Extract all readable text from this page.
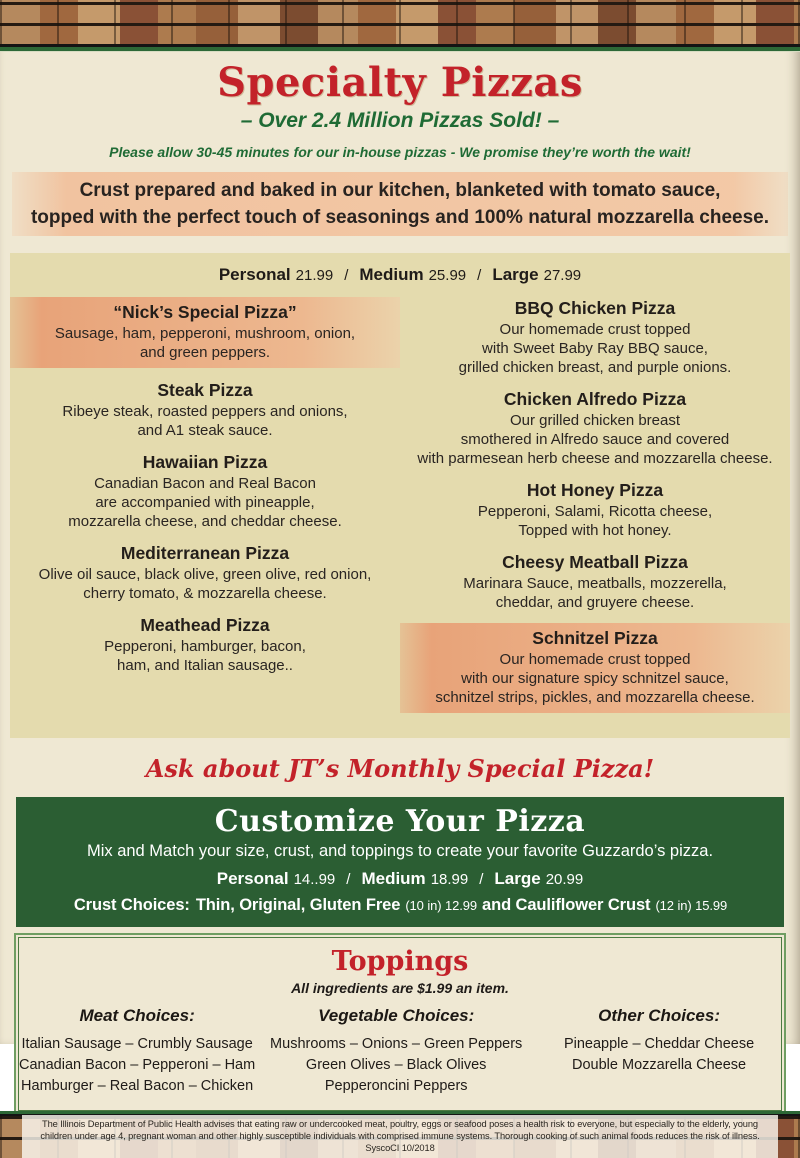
Specialty Pizzas
– Over 2.4 Million Pizzas Sold! –
Please allow 30-45 minutes for our in-house pizzas - We promise they’re worth the wait!
Crust prepared and baked in our kitchen, blanketed with tomato sauce,
topped with the perfect touch of seasonings and 100% natural mozzarella cheese.
Personal 21.99 / Medium 25.99 / Large 27.99
“Nick’s Special Pizza”
Sausage, ham, pepperoni, mushroom, onion,
and green peppers.
Steak Pizza
Ribeye steak, roasted peppers and onions,
and A1 steak sauce.
Hawaiian Pizza
Canadian Bacon and Real Bacon
are accompanied with pineapple,
mozzarella cheese, and cheddar cheese.
Mediterranean Pizza
Olive oil sauce, black olive, green olive, red onion,
cherry tomato, & mozzarella cheese.
Meathead Pizza
Pepperoni, hamburger, bacon,
ham, and Italian sausage..
BBQ Chicken Pizza
Our homemade crust topped
with Sweet Baby Ray BBQ sauce,
grilled chicken breast, and purple onions.
Chicken Alfredo Pizza
Our grilled chicken breast
smothered in Alfredo sauce and covered
with parmesean herb cheese and mozzarella cheese.
Hot Honey Pizza
Pepperoni, Salami, Ricotta cheese,
Topped with hot honey.
Cheesy Meatball Pizza
Marinara Sauce, meatballs, mozzerella,
cheddar, and gruyere cheese.
Schnitzel Pizza
Our homemade crust topped
with our signature spicy schnitzel sauce,
schnitzel strips, pickles, and mozzarella cheese.
Ask about JT’s Monthly Special Pizza!
Customize Your Pizza
Mix and Match your size, crust, and toppings to create your favorite Guzzardo’s pizza.
Personal 14..99 / Medium 18.99 / Large 20.99
Crust Choices: Thin, Original, Gluten Free (10 in) 12.99 and Cauliflower Crust (12 in) 15.99
Toppings
All ingredients are $1.99 an item.
Meat Choices:
Italian Sausage – Crumbly Sausage
Canadian Bacon – Pepperoni – Ham
Hamburger – Real Bacon – Chicken
Vegetable Choices:
Mushrooms – Onions – Green Peppers
Green Olives – Black Olives
Pepperoncini Peppers
Other Choices:
Pineapple – Cheddar Cheese
Double Mozzarella Cheese
The Illinois Department of Public Health advises that eating raw or undercooked meat, poultry, eggs or seafood poses a health risk to everyone, but especially to the elderly, young children under age 4, pregnant woman and other highly susceptible individuals with comprised immune systems. Thorough cooking of such animal foods reduces the risk of illness. SyscoCI 10/2018
